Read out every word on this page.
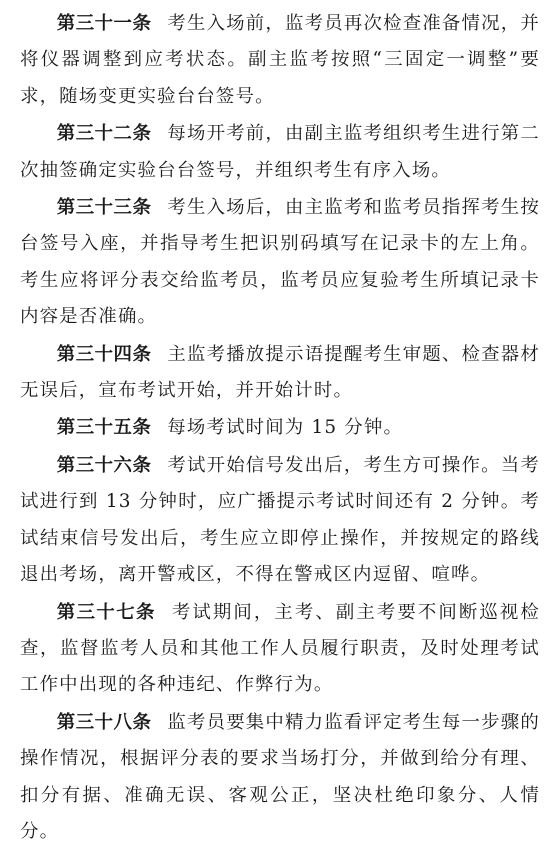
第三十一条 考生入场前，监考员再次检查准备情况，并将仪器调整到应考状态。副主监考按照“三固定一调整”要求，随场变更实验台台签号。

第三十二条 每场开考前，由副主监考组织考生进行第二次抽签确定实验台台签号，并组织考生有序入场。

第三十三条 考生入场后，由主监考和监考员指挥考生按台签号入座，并指导考生把识别码填写在记录卡的左上角。考生应将评分表交给监考员，监考员应复验考生所填记录卡内容是否准确。

第三十四条 主监考播放提示语提醒考生审题、检查器材无误后，宣布考试开始，并开始计时。

第三十五条 每场考试时间为 15 分钟。

第三十六条 考试开始信号发出后，考生方可操作。当考试进行到 13 分钟时，应广播提示考试时间还有 2 分钟。考试结束信号发出后，考生应立即停止操作，并按规定的路线退出考场，离开警戒区，不得在警戒区内逗留、喧哗。

第三十七条 考试期间，主考、副主考要不间断巡视检查，监督监考人员和其他工作人员履行职责，及时处理考试工作中出现的各种违纪、作弊行为。

第三十八条 监考员要集中精力监看评定考生每一步骤的操作情况，根据评分表的要求当场打分，并做到给分有理、扣分有据、准确无误、客观公正，坚决杜绝印象分、人情分。
